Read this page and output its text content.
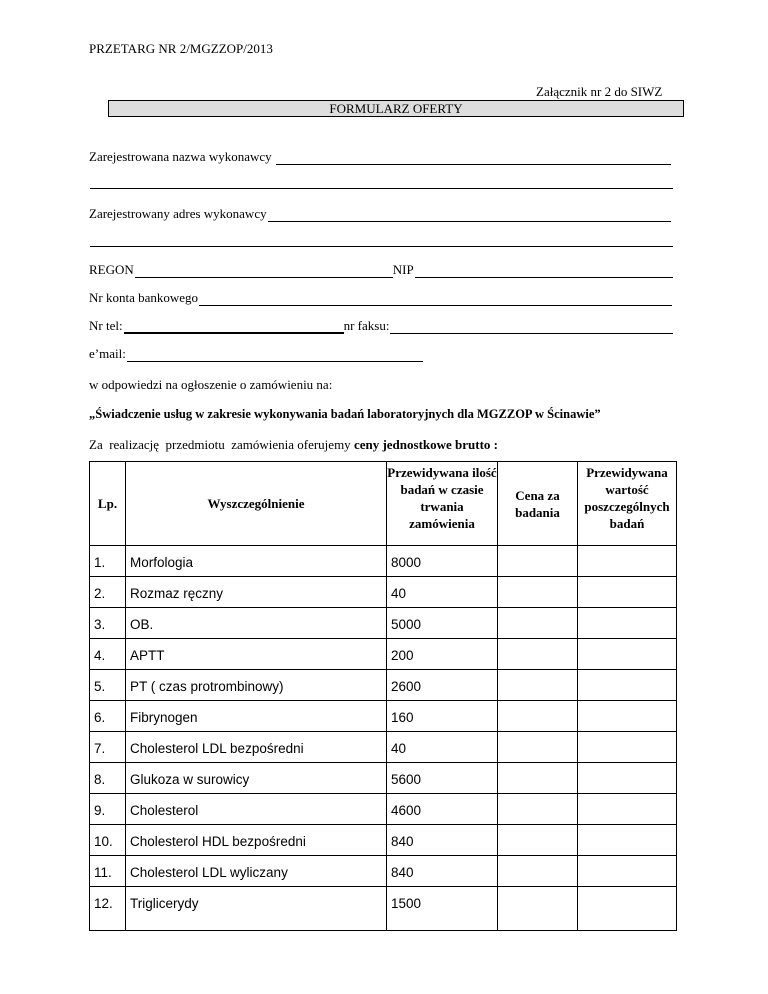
PRZETARG NR 2/MGZZOP/2013
Załącznik nr 2 do SIWZ
FORMULARZ OFERTY
Zarejestrowana nazwa wykonawcy
Zarejestrowany adres wykonawcy
REGON	NIP
Nr konta bankowego
Nr tel:	nr faksu:
e’mail:
w odpowiedzi na ogłoszenie o zamówieniu na:
„Świadczenie usług w zakresie wykonywania badań laboratoryjnych dla MGZZOP w Ścinawie”
Za  realizację  przedmiotu  zamówienia oferujemy ceny jednostkowe brutto :
Lp.	Wyszczególnienie	Przewidywana ilość badań w czasie trwania zamówienia	Cena za badania	Przewidywana wartość poszczególnych badań
1.	Morfologia	8000		
2.	Rozmaz ręczny	40		
3.	OB.	5000		
4.	APTT	200		
5.	PT ( czas protrombinowy)	2600		
6.	Fibrynogen	160		
7.	Cholesterol LDL bezpośredni	40		
8.	Glukoza w surowicy	5600		
9.	Cholesterol	4600		
10.	Cholesterol HDL bezpośredni	840		
11.	Cholesterol LDL wyliczany	840		
12.	Triglicerydy	1500		
